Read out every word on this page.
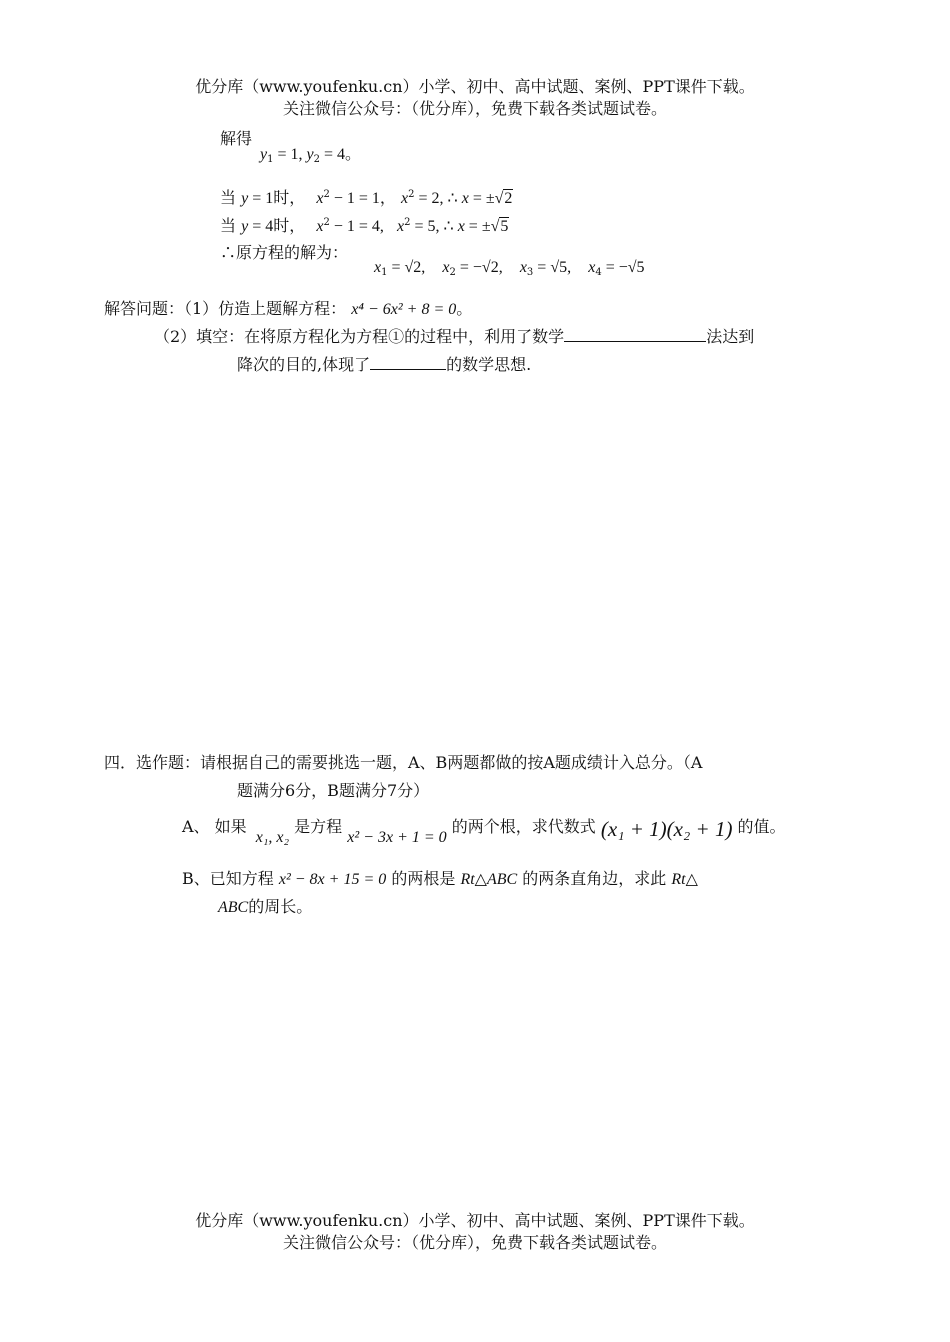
优分库（www.youfenku.cn）小学、初中、高中试题、案例、PPT课件下载。
关注微信公众号：（优分库），免费下载各类试题试卷。
解得
$y_1 = 1$, $y_2 = 4$。
当 y = 1时， $x^2 - 1 = 1$， $x^2 = 2$, ∴ x = ±√2
当 y = 4时， $x^2 - 1 = 4$,   $x^2 = 5$, ∴ x = ±√5
∴原方程的解为：
$x_1 = √2$,    $x_2 = -√2$,    $x_3 = √5$,    $x_4 = -√5$
解答问题：（1）仿造上题解方程： x⁴ − 6x² + 8 = 0。
（2）填空：在将原方程化为方程①的过程中，利用了数学	法达到
降次的目的,体现了	的数学思想.
四．选作题：请根据自己的需要挑选一题，A、B两题都做的按A题成绩计入总分。（A
题满分6分，B题满分7分）
A、 如果 x₁, x₂ 是方程 x² − 3x + 1 = 0 的两个根，求代数式 (x₁ + 1)(x₂ + 1) 的值。
B、已知方程 x² − 8x + 15 = 0 的两根是 Rt△ABC 的两条直角边，求此 Rt△
ABC的周长。
优分库（www.youfenku.cn）小学、初中、高中试题、案例、PPT课件下载。
关注微信公众号：（优分库），免费下载各类试题试卷。
